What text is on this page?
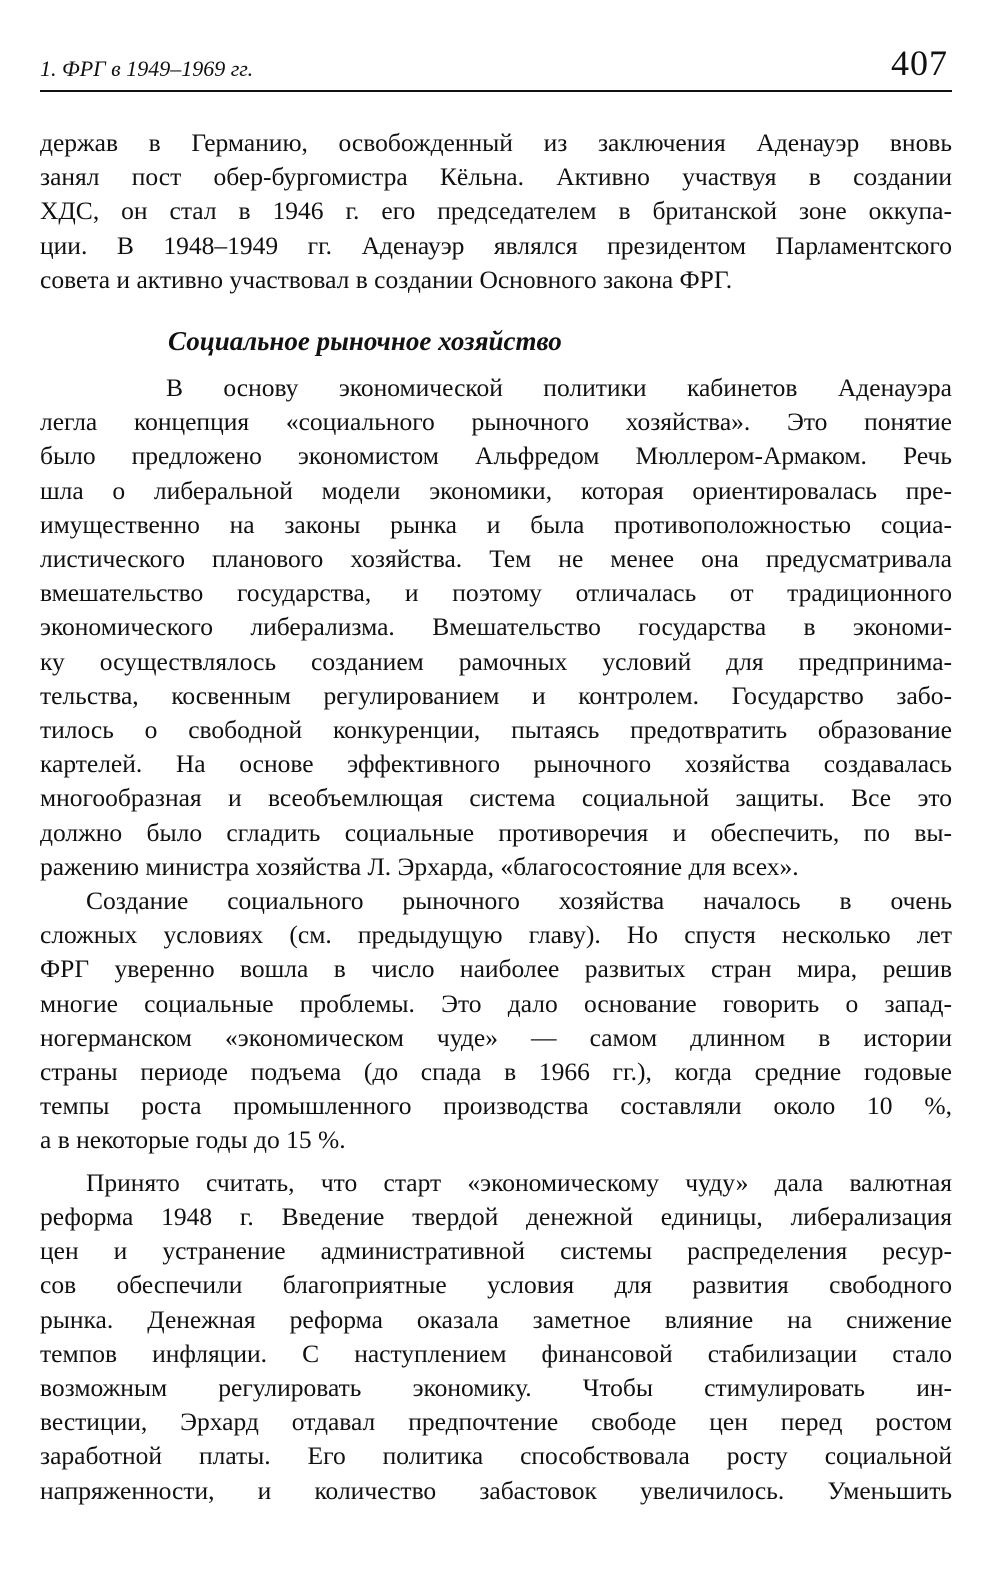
1. ФРГ в 1949–1969 гг.	407
держав в Германию, освобожденный из заключения Аденауэр вновь
занял пост обер-бургомистра Кёльна. Активно участвуя в создании
ХДС, он стал в 1946 г. его председателем в британской зоне оккупа-
ции. В 1948–1949 гг. Аденауэр являлся президентом Парламентского
совета и активно участвовал в создании Основного закона ФРГ.
Социальное рыночное хозяйство
В основу экономической политики кабинетов Аденауэра
легла концепция «социального рыночного хозяйства». Это понятие
было предложено экономистом Альфредом Мюллером-Армаком. Речь
шла о либеральной модели экономики, которая ориентировалась пре-
имущественно на законы рынка и была противоположностью социа-
листического планового хозяйства. Тем не менее она предусматривала
вмешательство государства, и поэтому отличалась от традиционного
экономического либерализма. Вмешательство государства в экономи-
ку осуществлялось созданием рамочных условий для предпринима-
тельства, косвенным регулированием и контролем. Государство забо-
тилось о свободной конкуренции, пытаясь предотвратить образование
картелей. На основе эффективного рыночного хозяйства создавалась
многообразная и всеобъемлющая система социальной защиты. Все это
должно было сгладить социальные противоречия и обеспечить, по вы-
ражению министра хозяйства Л. Эрхарда, «благосостояние для всех».
Создание социального рыночного хозяйства началось в очень
сложных условиях (см. предыдущую главу). Но спустя несколько лет
ФРГ уверенно вошла в число наиболее развитых стран мира, решив
многие социальные проблемы. Это дало основание говорить о запад-
ногерманском «экономическом чуде» — самом длинном в истории
страны периоде подъема (до спада в 1966 гг.), когда средние годовые
темпы роста промышленного производства составляли около 10 %,
а в некоторые годы до 15 %.
Принято считать, что старт «экономическому чуду» дала валютная
реформа 1948 г. Введение твердой денежной единицы, либерализация
цен и устранение административной системы распределения ресур-
сов обеспечили благоприятные условия для развития свободного
рынка. Денежная реформа оказала заметное влияние на снижение
темпов инфляции. С наступлением финансовой стабилизации стало
возможным регулировать экономику. Чтобы стимулировать ин-
вестиции, Эрхард отдавал предпочтение свободе цен перед ростом
заработной платы. Его политика способствовала росту социальной
напряженности, и количество забастовок увеличилось. Уменьшить
